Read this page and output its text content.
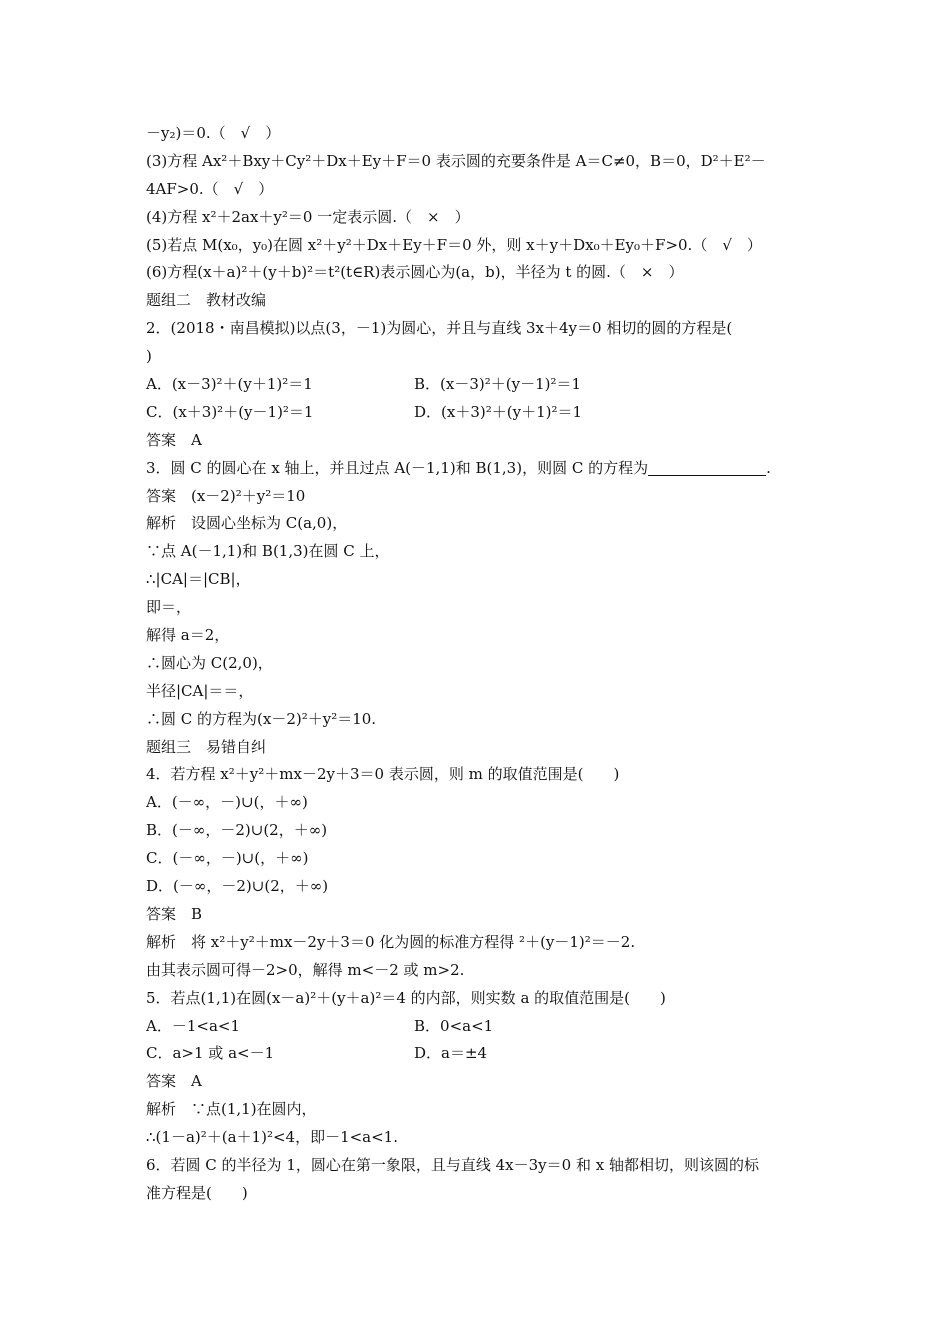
－y₂)＝0.（　√　）
(3)方程 Ax²＋Bxy＋Cy²＋Dx＋Ey＋F＝0 表示圆的充要条件是 A＝C≠0，B＝0，D²＋E²－
4AF>0.（　√　）
(4)方程 x²＋2ax＋y²＝0 一定表示圆.（　×　）
(5)若点 M(x₀，y₀)在圆 x²＋y²＋Dx＋Ey＋F＝0 外，则 x＋y＋Dx₀＋Ey₀＋F>0.（　√　）
(6)方程(x＋a)²＋(y＋b)²＝t²(t∈R)表示圆心为(a，b)，半径为 t 的圆.（　×　）
题组二　教材改编
2．(2018・南昌模拟)以点(3，－1)为圆心，并且与直线 3x＋4y＝0 相切的圆的方程是(
)
A．(x－3)²＋(y＋1)²＝1	B．(x－3)²＋(y－1)²＝1
C．(x＋3)²＋(y－1)²＝1	D．(x＋3)²＋(y＋1)²＝1
答案　A
3．圆 C 的圆心在 x 轴上，并且过点 A(－1,1)和 B(1,3)，则圆 C 的方程为	.
答案　(x－2)²＋y²＝10
解析　设圆心坐标为 C(a,0)，
∵点 A(－1,1)和 B(1,3)在圆 C 上，
∴|CA|＝|CB|，
即＝，
解得 a＝2，
∴圆心为 C(2,0)，
半径|CA|＝＝，
∴圆 C 的方程为(x－2)²＋y²＝10.
题组三　易错自纠
4．若方程 x²＋y²＋mx－2y＋3＝0 表示圆，则 m 的取值范围是(　　)
A．(－∞，－)∪(，＋∞)
B．(－∞，－2)∪(2，＋∞)
C．(－∞，－)∪(，＋∞)
D．(－∞，－2)∪(2，＋∞)
答案　B
解析　将 x²＋y²＋mx－2y＋3＝0 化为圆的标准方程得 ²＋(y－1)²＝－2.
由其表示圆可得－2>0，解得 m<－2 或 m>2.
5．若点(1,1)在圆(x－a)²＋(y＋a)²＝4 的内部，则实数 a 的取值范围是(　　)
A．－1<a<1	B．0<a<1
C．a>1 或 a<－1	D．a＝±4
答案　A
解析　∵点(1,1)在圆内，
∴(1－a)²＋(a＋1)²<4，即－1<a<1.
6．若圆 C 的半径为 1，圆心在第一象限，且与直线 4x－3y＝0 和 x 轴都相切，则该圆的标
准方程是(　　)
